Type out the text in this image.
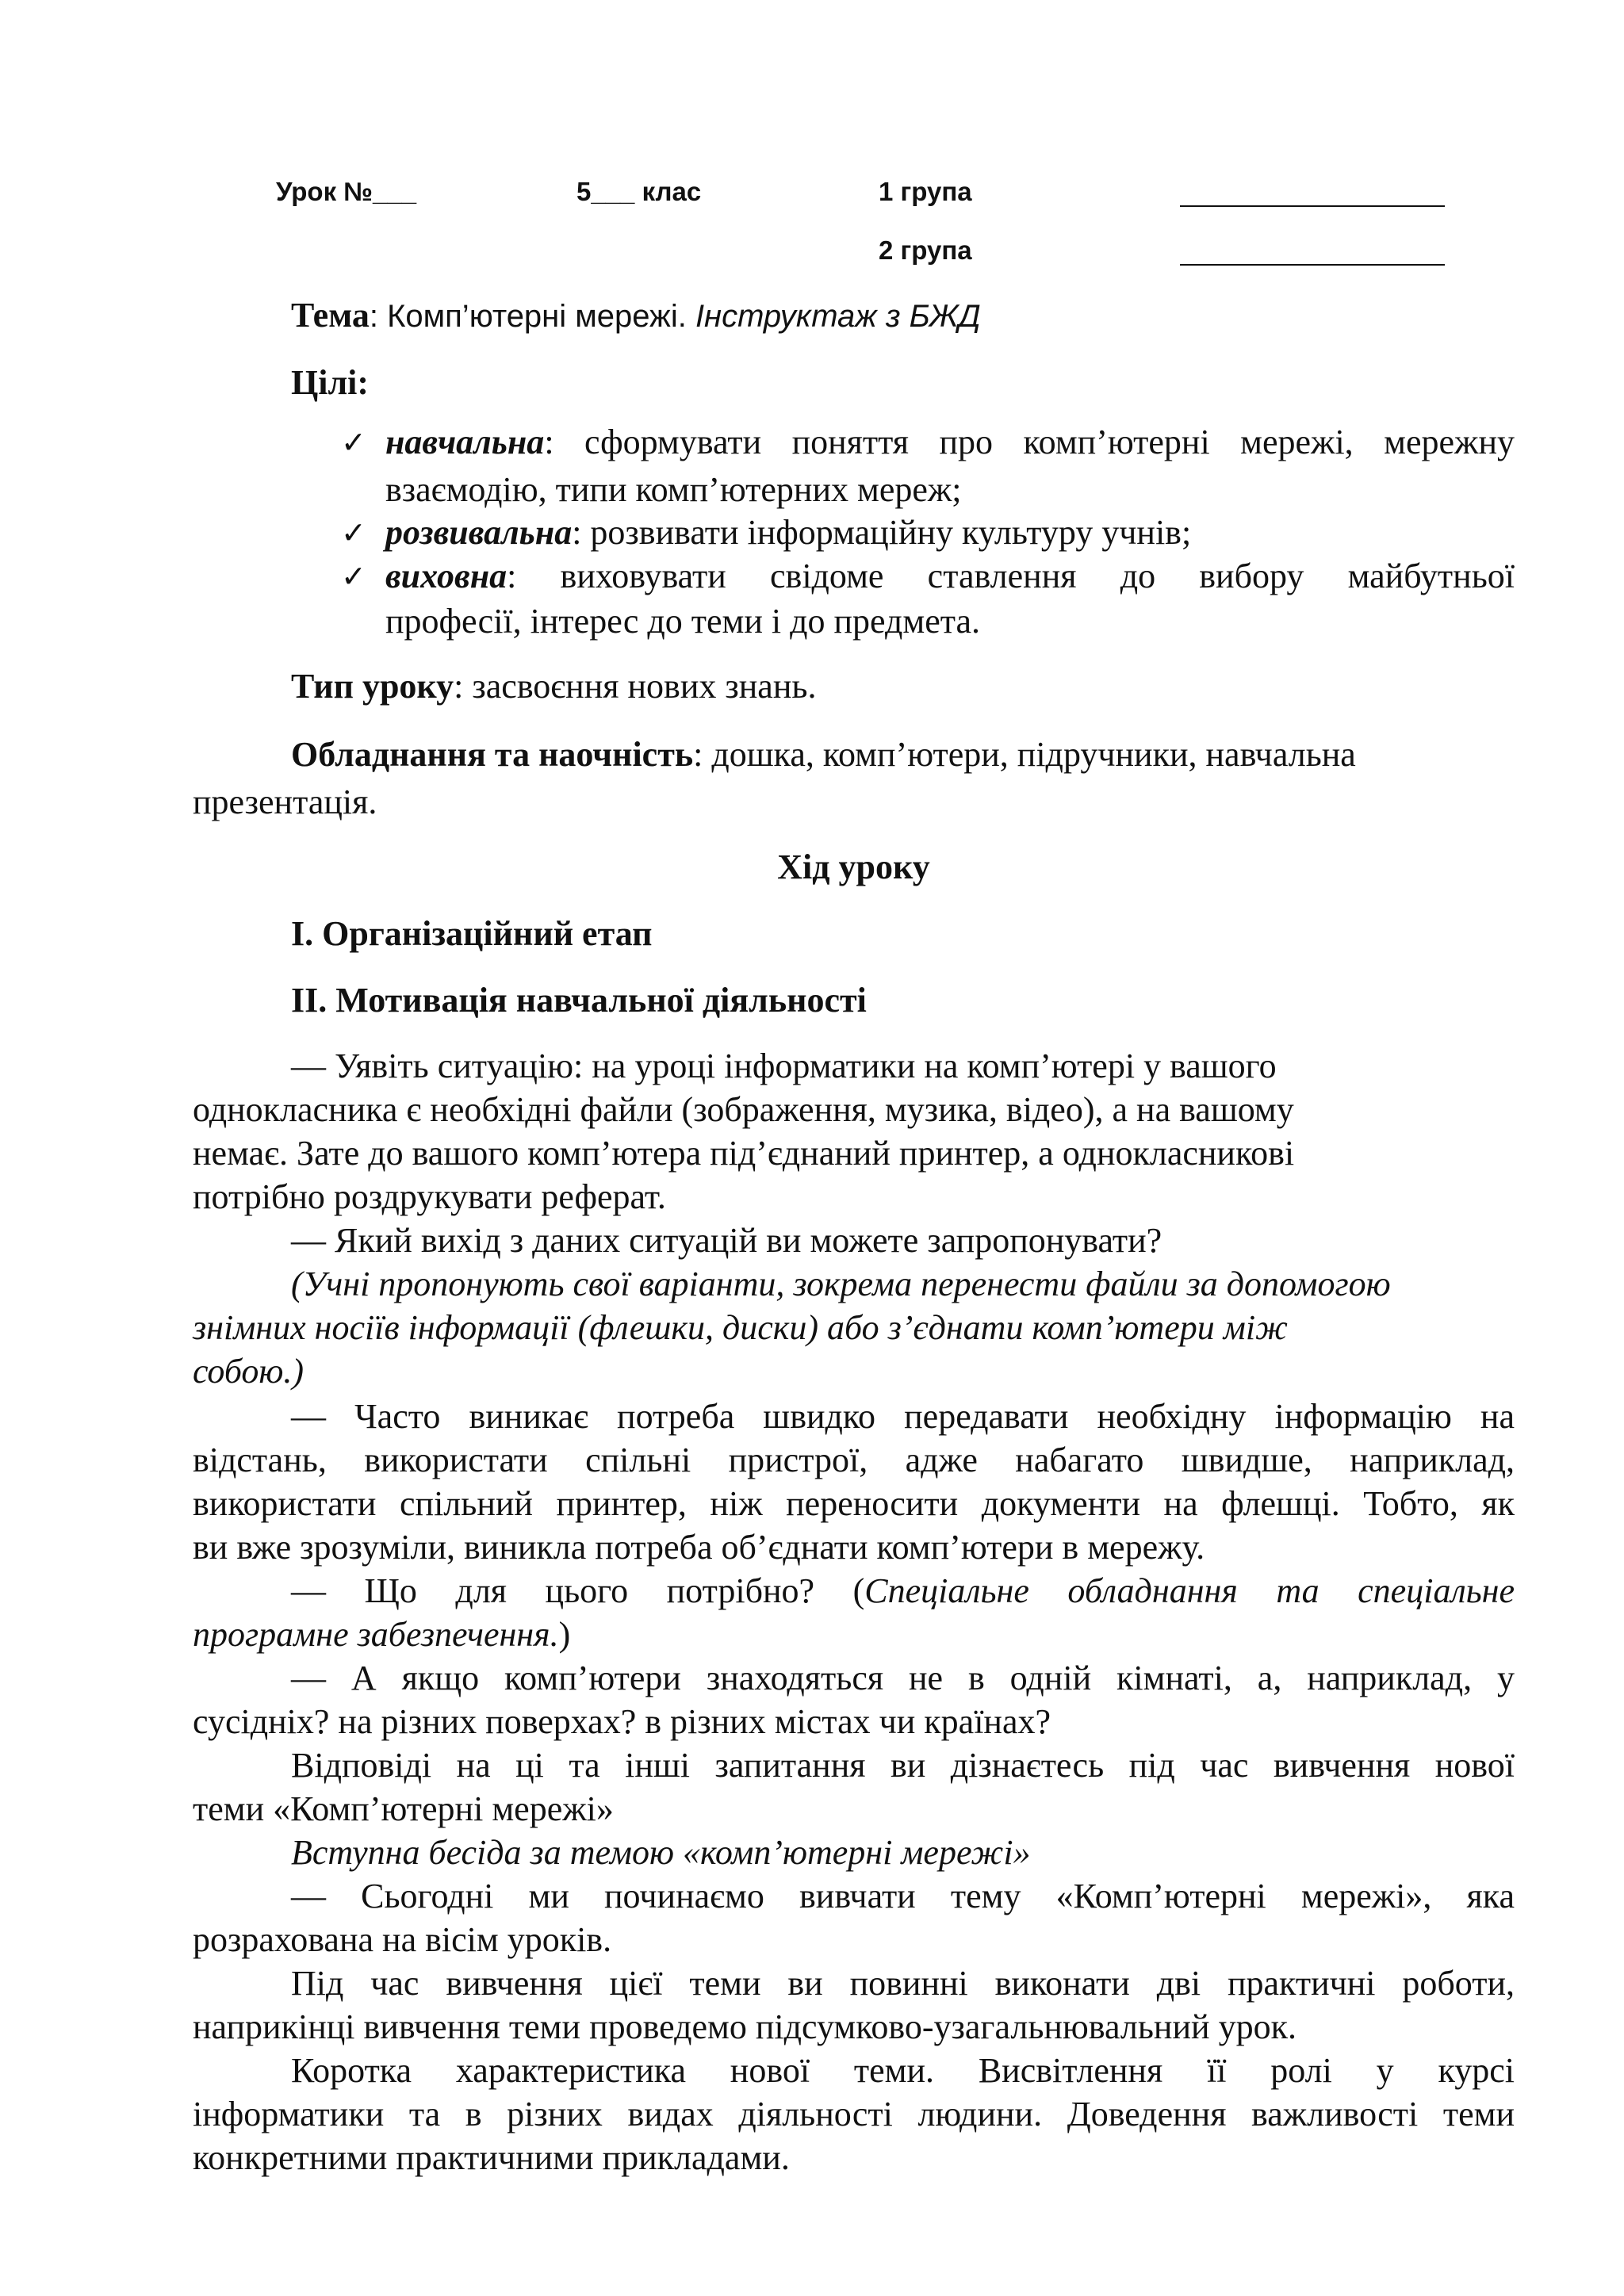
Урок №___	5___ клас	1 група
2 група
Тема: Комп’ютерні мережі. Інструктаж з БЖД
Цілі:
✓ навчальна: сформувати поняття про комп’ютерні мережі, мережну
взаємодію, типи комп’ютерних мереж;
✓ розвивальна: розвивати інформаційну культуру учнів;
✓ виховна: виховувати свідоме ставлення до вибору майбутньої
професії, інтерес до теми і до предмета.
Тип уроку: засвоєння нових знань.
Обладнання та наочність: дошка, комп’ютери, підручники, навчальна
презентація.
Хід уроку
I. Організаційний етап
II. Мотивація навчальної діяльності
— Уявіть ситуацію: на уроці інформатики на комп’ютері у вашого
однокласника є необхідні файли (зображення, музика, відео), а на вашому
немає. Зате до вашого комп’ютера під’єднаний принтер, а однокласникові
потрібно роздрукувати реферат.
— Який вихід з даних ситуацій ви можете запропонувати?
(Учні пропонують свої варіанти, зокрема перенести файли за допомогою
знімних носіїв інформації (флешки, диски) або з’єднати комп’ютери між
собою.)
— Часто виникає потреба швидко передавати необхідну інформацію на
відстань, використати спільні пристрої, адже набагато швидше, наприклад,
використати спільний принтер, ніж переносити документи на флешці. Тобто, як
ви вже зрозуміли, виникла потреба об’єднати комп’ютери в мережу.
— Що для цього потрібно? (Спеціальне обладнання та спеціальне
програмне забезпечення.)
— А якщо комп’ютери знаходяться не в одній кімнаті, а, наприклад, у
сусідніх? на різних поверхах? в різних містах чи країнах?
Відповіді на ці та інші запитання ви дізнаєтесь під час вивчення нової
теми «Комп’ютерні мережі»
Вступна бесіда за темою «комп’ютерні мережі»
— Сьогодні ми починаємо вивчати тему «Комп’ютерні мережі», яка
розрахована на вісім уроків.
Під час вивчення цієї теми ви повинні виконати дві практичні роботи,
наприкінці вивчення теми проведемо підсумково-узагальнювальний урок.
Коротка характеристика нової теми. Висвітлення її ролі у курсі
інформатики та в різних видах діяльності людини. Доведення важливості теми
конкретними практичними прикладами.
